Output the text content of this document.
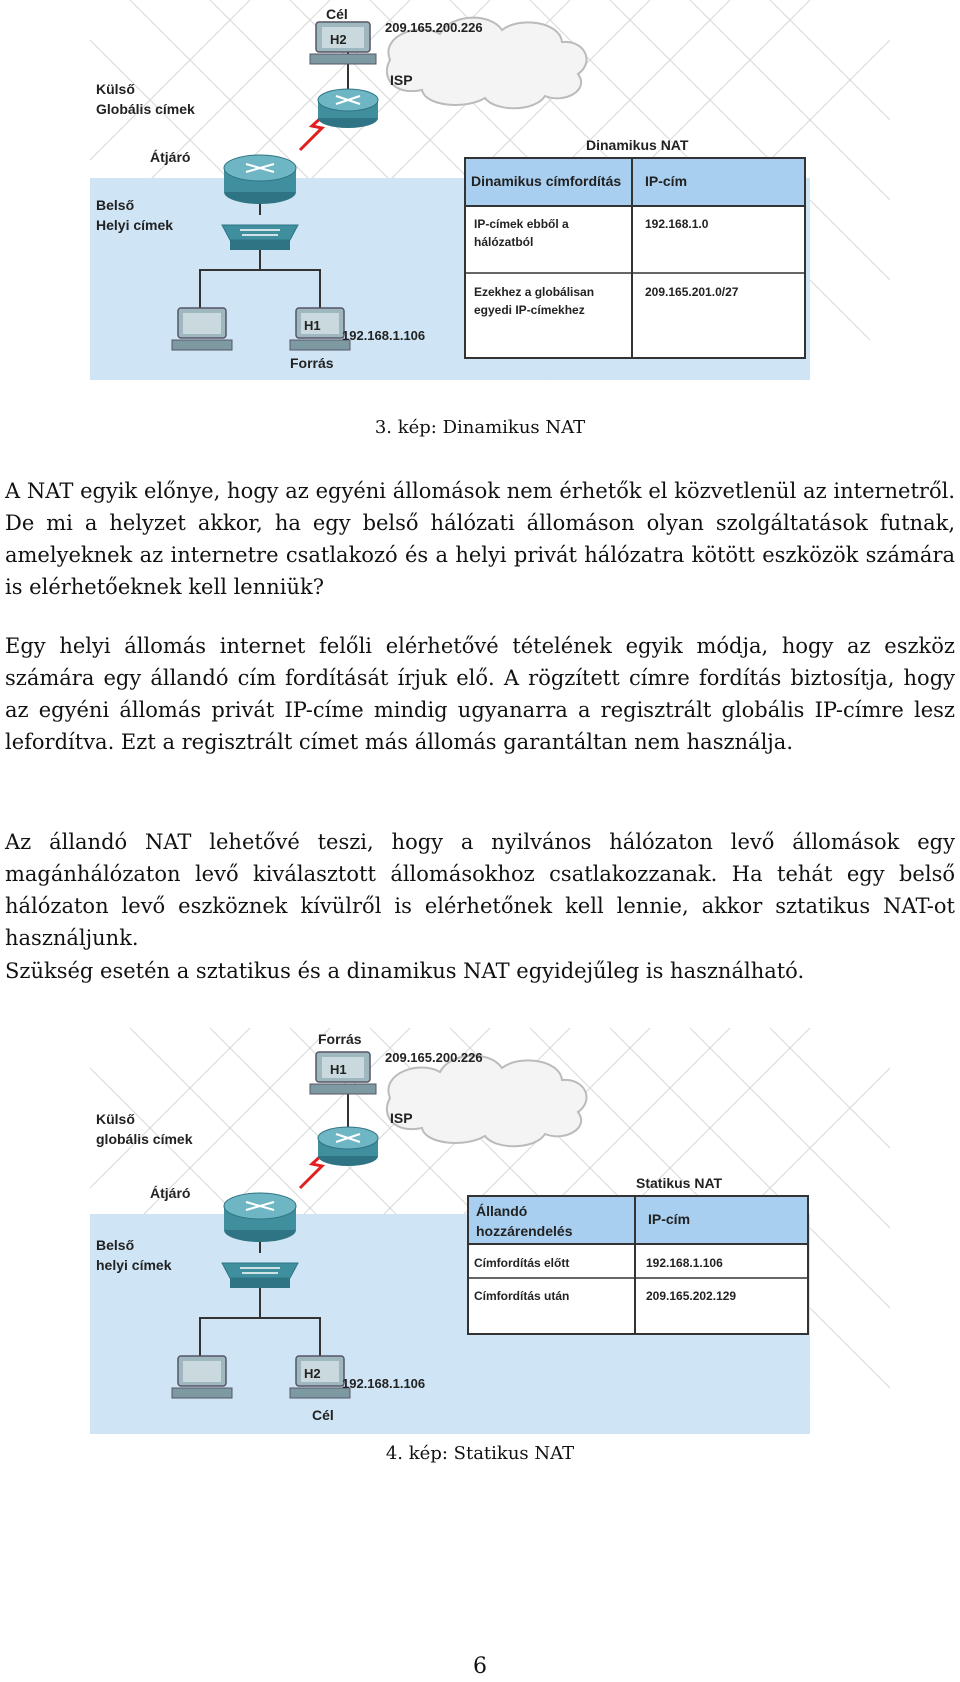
Cél
H2
209.165.200.226
ISP
Külső
Globális címek
Átjáró
Belső
Helyi címek
H1
192.168.1.106
Forrás
Dinamikus NAT
Dinamikus címfordítás IP-cím
IP-címek ebből a
hálózatból
192.168.1.0
Ezekhez a globálisan
egyedi IP-címekhez
209.165.201.0/27
3. kép: Dinamikus NAT

A NAT egyik előnye, hogy az egyéni állomások nem érhetők el közvetlenül az internetről. De mi a helyzet akkor, ha egy belső hálózati állomáson olyan szolgáltatások futnak, amelyeknek az internetre csatlakozó és a helyi privát hálózatra kötött eszközök számára is elérhetőeknek kell lenniük?

Egy helyi állomás internet felőli elérhetővé tételének egyik módja, hogy az eszköz számára egy állandó cím fordítását írjuk elő. A rögzített címre fordítás biztosítja, hogy az egyéni állomás privát IP-címe mindig ugyanarra a regisztrált globális IP-címre lesz lefordítva. Ezt a regisztrált címet más állomás garantáltan nem használja.

Az állandó NAT lehetővé teszi, hogy a nyilvános hálózaton levő állomások egy magánhálózaton levő kiválasztott állomásokhoz csatlakozzanak. Ha tehát egy belső hálózaton levő eszköznek kívülről is elérhetőnek kell lennie, akkor sztatikus NAT-ot használjunk.

Szükség esetén a sztatikus és a dinamikus NAT egyidejűleg is használható.

Forrás
H1
209.165.200.226
ISP
Külső
globális címek
Átjáró
Belső
helyi címek
H2
192.168.1.106
Cél
Statikus NAT
Állandó
hozzárendelés
IP-cím
Címfordítás előtt	192.168.1.106
Címfordítás után	209.165.202.129
4. kép: Statikus NAT
6
